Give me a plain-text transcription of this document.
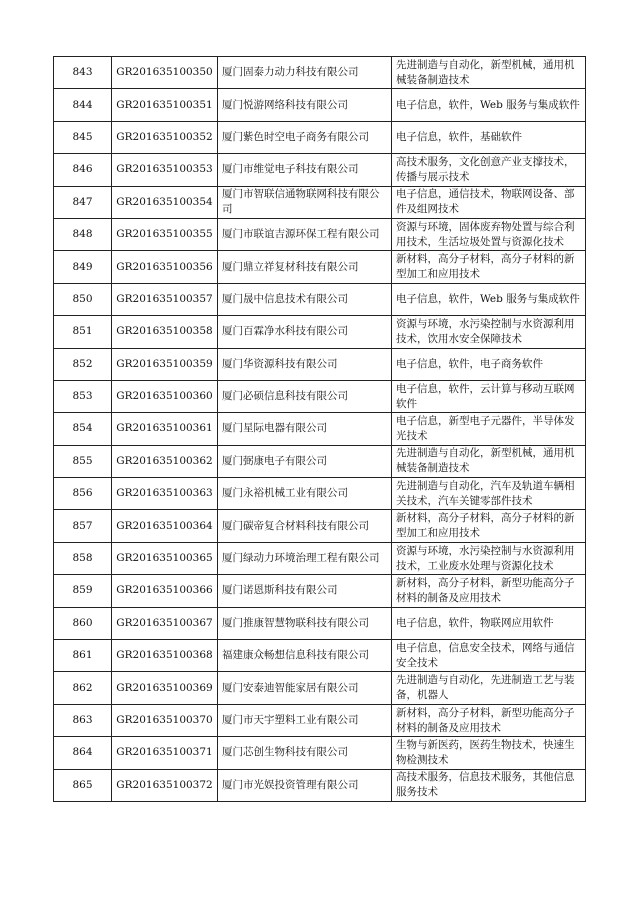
843	GR201635100350	厦门固泰力动力科技有限公司	先进制造与自动化，新型机械，通用机械装备制造技术
844	GR201635100351	厦门悦游网络科技有限公司	电子信息，软件，Web 服务与集成软件
845	GR201635100352	厦门紫色时空电子商务有限公司	电子信息，软件，基础软件
846	GR201635100353	厦门市维觉电子科技有限公司	高技术服务，文化创意产业支撑技术，传播与展示技术
847	GR201635100354	厦门市智联信通物联网科技有限公司	电子信息，通信技术，物联网设备、部件及组网技术
848	GR201635100355	厦门市联谊吉源环保工程有限公司	资源与环境，固体废弃物处置与综合利用技术，生活垃圾处置与资源化技术
849	GR201635100356	厦门鼎立祥复材科技有限公司	新材料，高分子材料，高分子材料的新型加工和应用技术
850	GR201635100357	厦门晟中信息技术有限公司	电子信息，软件，Web 服务与集成软件
851	GR201635100358	厦门百霖净水科技有限公司	资源与环境，水污染控制与水资源利用技术，饮用水安全保障技术
852	GR201635100359	厦门华资源科技有限公司	电子信息，软件，电子商务软件
853	GR201635100360	厦门必硕信息科技有限公司	电子信息，软件，云计算与移动互联网软件
854	GR201635100361	厦门星际电器有限公司	电子信息，新型电子元器件，半导体发光技术
855	GR201635100362	厦门弼康电子有限公司	先进制造与自动化，新型机械，通用机械装备制造技术
856	GR201635100363	厦门永裕机械工业有限公司	先进制造与自动化，汽车及轨道车辆相关技术，汽车关键零部件技术
857	GR201635100364	厦门碳帝复合材料科技有限公司	新材料，高分子材料，高分子材料的新型加工和应用技术
858	GR201635100365	厦门绿动力环境治理工程有限公司	资源与环境，水污染控制与水资源利用技术，工业废水处理与资源化技术
859	GR201635100366	厦门诺恩斯科技有限公司	新材料，高分子材料，新型功能高分子材料的制备及应用技术
860	GR201635100367	厦门推康智慧物联科技有限公司	电子信息，软件，物联网应用软件
861	GR201635100368	福建康众畅想信息科技有限公司	电子信息，信息安全技术，网络与通信安全技术
862	GR201635100369	厦门安泰迪智能家居有限公司	先进制造与自动化，先进制造工艺与装备，机器人
863	GR201635100370	厦门市天宇塑料工业有限公司	新材料，高分子材料，新型功能高分子材料的制备及应用技术
864	GR201635100371	厦门芯创生物科技有限公司	生物与新医药，医药生物技术，快速生物检测技术
865	GR201635100372	厦门市光娱投资管理有限公司	高技术服务，信息技术服务，其他信息服务技术
